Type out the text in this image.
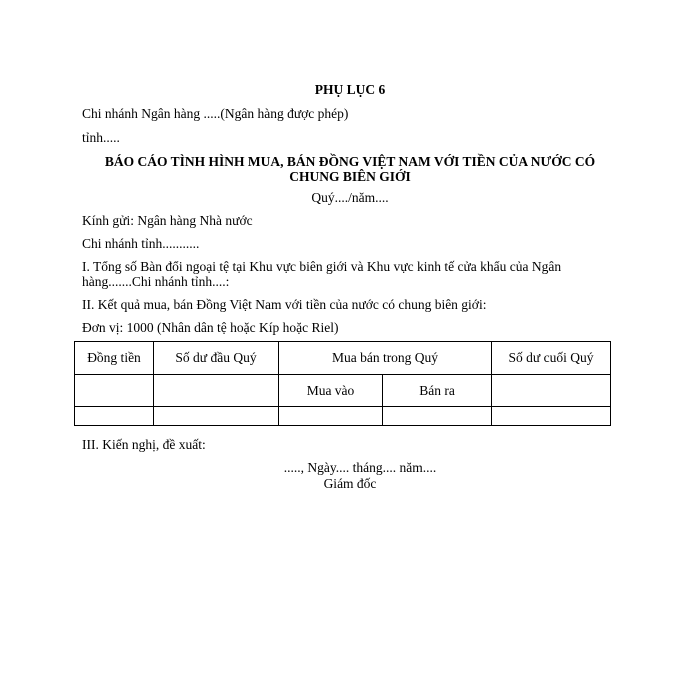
PHỤ LỤC 6
Chi nhánh Ngân hàng .....(Ngân hàng được phép)
tỉnh.....
BÁO CÁO TÌNH HÌNH MUA, BÁN ĐỒNG VIỆT NAM VỚI TIỀN CỦA NƯỚC CÓ
CHUNG BIÊN GIỚI
Quý..../năm....
Kính gửi: Ngân hàng Nhà nước
Chi nhánh tỉnh...........
I. Tổng số Bàn đổi ngoại tệ tại Khu vực biên giới và Khu vực kinh tế cửa khẩu của Ngân
hàng.......Chi nhánh tỉnh....:
II. Kết quả mua, bán Đồng Việt Nam với tiền của nước có chung biên giới:
Đơn vị: 1000 (Nhân dân tệ hoặc Kíp hoặc Riel)
Đồng tiền	Số dư đầu Quý	Mua bán trong Quý		Số dư cuối Quý
		Mua vào	Bán ra	

III. Kiến nghị, đề xuất:
....., Ngày.... tháng.... năm....
Giám đốc
